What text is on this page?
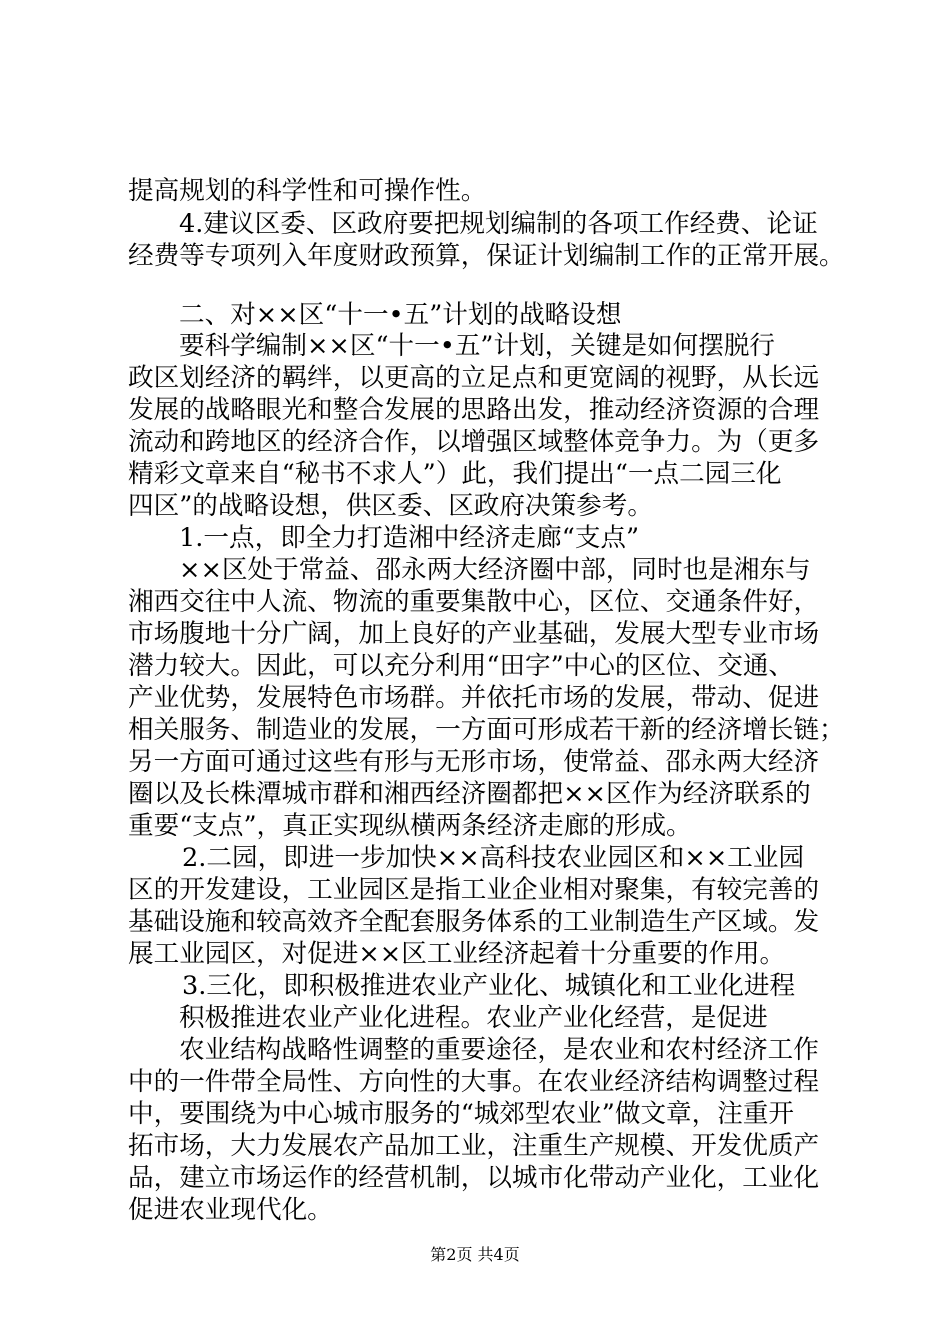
提高规划的科学性和可操作性。
4.建议区委、区政府要把规划编制的各项工作经费、论证
经费等专项列入年度财政预算，保证计划编制工作的正常开展。
二、对××区“十一•五”计划的战略设想
要科学编制××区“十一•五”计划，关键是如何摆脱行
政区划经济的羁绊，以更高的立足点和更宽阔的视野，从长远
发展的战略眼光和整合发展的思路出发，推动经济资源的合理
流动和跨地区的经济合作，以增强区域整体竞争力。为（更多
精彩文章来自“秘书不求人”）此，我们提出“一点二园三化
四区”的战略设想，供区委、区政府决策参考。
1.一点，即全力打造湘中经济走廊“支点”
××区处于常益、邵永两大经济圈中部，同时也是湘东与
湘西交往中人流、物流的重要集散中心，区位、交通条件好，
市场腹地十分广阔，加上良好的产业基础，发展大型专业市场
潜力较大。因此，可以充分利用“田字”中心的区位、交通、
产业优势，发展特色市场群。并依托市场的发展，带动、促进
相关服务、制造业的发展，一方面可形成若干新的经济增长链；
另一方面可通过这些有形与无形市场，使常益、邵永两大经济
圈以及长株潭城市群和湘西经济圈都把××区作为经济联系的
重要“支点”，真正实现纵横两条经济走廊的形成。
2.二园，即进一步加快××高科技农业园区和××工业园
区的开发建设，工业园区是指工业企业相对聚集，有较完善的
基础设施和较高效齐全配套服务体系的工业制造生产区域。发
展工业园区，对促进××区工业经济起着十分重要的作用。
3.三化，即积极推进农业产业化、城镇化和工业化进程
积极推进农业产业化进程。农业产业化经营，是促进
农业结构战略性调整的重要途径，是农业和农村经济工作
中的一件带全局性、方向性的大事。在农业经济结构调整过程
中，要围绕为中心城市服务的“城郊型农业”做文章，注重开
拓市场，大力发展农产品加工业，注重生产规模、开发优质产
品，建立市场运作的经营机制，以城市化带动产业化，工业化
促进农业现代化。
第2页 共4页
